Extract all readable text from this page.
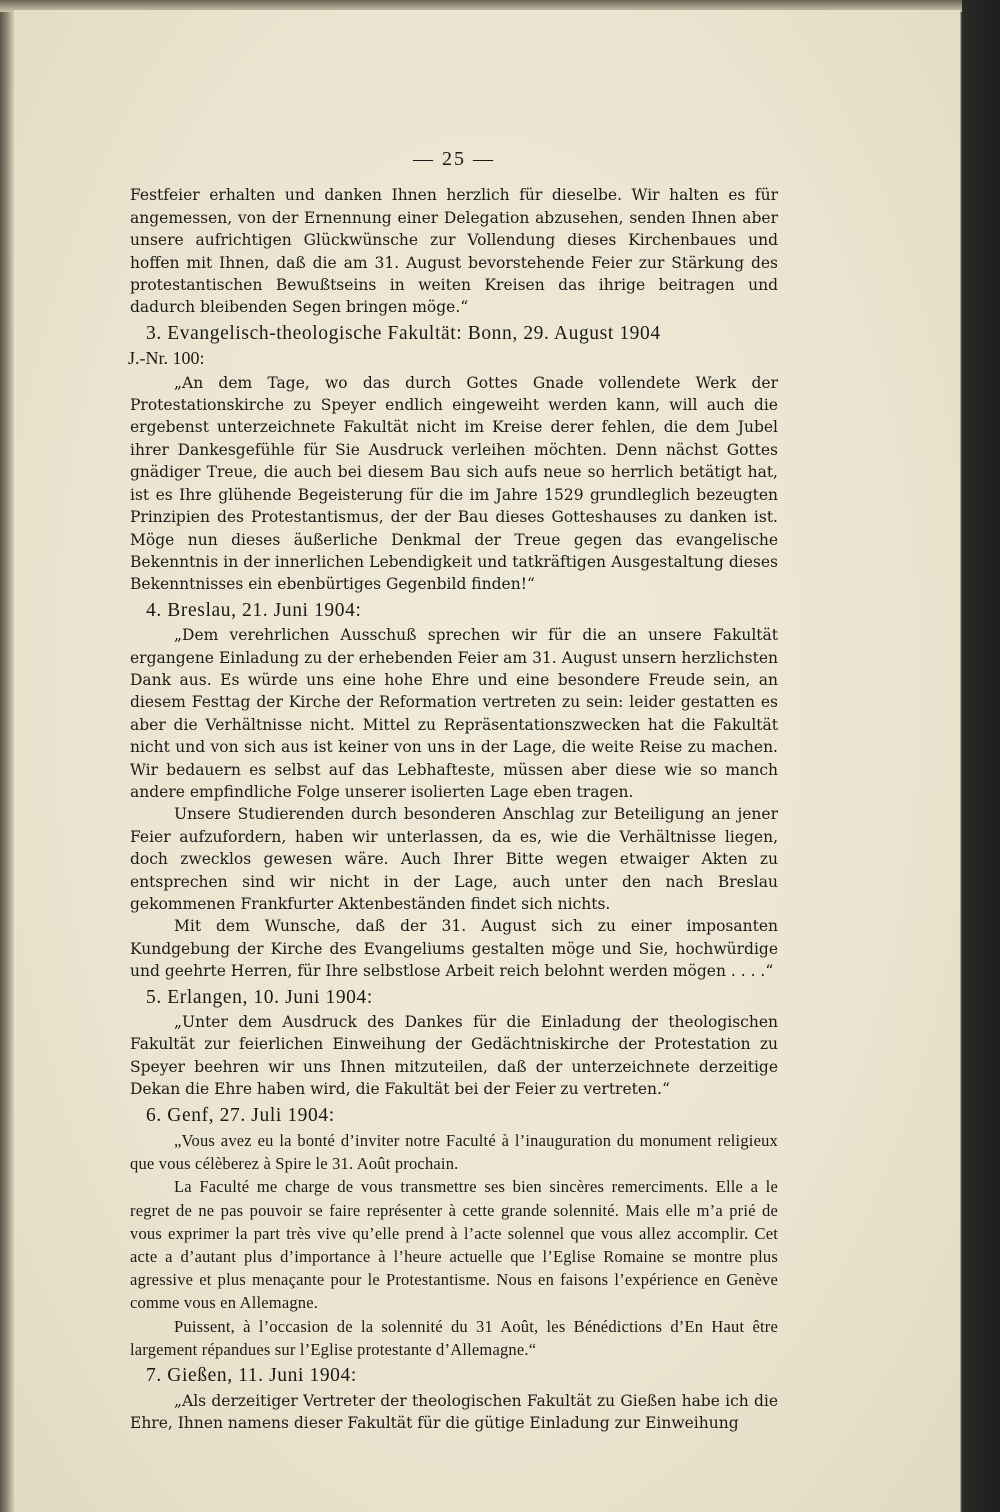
— 25 —

Festfeier erhalten und danken Ihnen herzlich für dieselbe. Wir halten es für angemessen, von der Ernennung einer Delegation abzusehen, senden Ihnen aber unsere aufrichtigen Glückwünsche zur Vollendung dieses Kirchenbaues und hoffen mit Ihnen, daß die am 31. August bevorstehende Feier zur Stärkung des protestantischen Bewußtseins in weiten Kreisen das ihrige beitragen und dadurch bleibenden Segen bringen möge.“

3. Evangelisch-theologische Fakultät: Bonn, 29. August 1904
J.-Nr. 100:

„An dem Tage, wo das durch Gottes Gnade vollendete Werk der Protestationskirche zu Speyer endlich eingeweiht werden kann, will auch die ergebenst unterzeichnete Fakultät nicht im Kreise derer fehlen, die dem Jubel ihrer Dankesgefühle für Sie Ausdruck verleihen möchten. Denn nächst Gottes gnädiger Treue, die auch bei diesem Bau sich aufs neue so herrlich betätigt hat, ist es Ihre glühende Begeisterung für die im Jahre 1529 grundleglich bezeugten Prinzipien des Protestantismus, der der Bau dieses Gotteshauses zu danken ist. Möge nun dieses äußerliche Denkmal der Treue gegen das evangelische Bekenntnis in der innerlichen Lebendigkeit und tatkräftigen Ausgestaltung dieses Bekenntnisses ein ebenbürtiges Gegenbild finden!“

4. Breslau, 21. Juni 1904:

„Dem verehrlichen Ausschuß sprechen wir für die an unsere Fakultät ergangene Einladung zu der erhebenden Feier am 31. August unsern herzlichsten Dank aus. Es würde uns eine hohe Ehre und eine besondere Freude sein, an diesem Festtag der Kirche der Reformation vertreten zu sein: leider gestatten es aber die Verhältnisse nicht. Mittel zu Repräsentationszwecken hat die Fakultät nicht und von sich aus ist keiner von uns in der Lage, die weite Reise zu machen. Wir bedauern es selbst auf das Lebhafteste, müssen aber diese wie so manch andere empfindliche Folge unserer isolierten Lage eben tragen.

Unsere Studierenden durch besonderen Anschlag zur Beteiligung an jener Feier aufzufordern, haben wir unterlassen, da es, wie die Verhältnisse liegen, doch zwecklos gewesen wäre. Auch Ihrer Bitte wegen etwaiger Akten zu entsprechen sind wir nicht in der Lage, auch unter den nach Breslau gekommenen Frankfurter Aktenbeständen findet sich nichts.

Mit dem Wunsche, daß der 31. August sich zu einer imposanten Kundgebung der Kirche des Evangeliums gestalten möge und Sie, hochwürdige und geehrte Herren, für Ihre selbstlose Arbeit reich belohnt werden mögen . . . .“

5. Erlangen, 10. Juni 1904:

„Unter dem Ausdruck des Dankes für die Einladung der theologischen Fakultät zur feierlichen Einweihung der Gedächtniskirche der Protestation zu Speyer beehren wir uns Ihnen mitzuteilen, daß der unterzeichnete derzeitige Dekan die Ehre haben wird, die Fakultät bei der Feier zu vertreten.“

6. Genf, 27. Juli 1904:

„Vous avez eu la bonté d’inviter notre Faculté à l’inauguration du monument religieux que vous célèberez à Spire le 31. Août prochain.

La Faculté me charge de vous transmettre ses bien sincères remerciments. Elle a le regret de ne pas pouvoir se faire représenter à cette grande solennité. Mais elle m’a prié de vous exprimer la part très vive qu’elle prend à l’acte solennel que vous allez accomplir. Cet acte a d’autant plus d’importance à l’heure actuelle que l’Eglise Romaine se montre plus agressive et plus menaçante pour le Protestantisme. Nous en faisons l’expérience en Genève comme vous en Allemagne.

Puissent, à l’occasion de la solennité du 31 Août, les Bénédictions d’En Haut être largement répandues sur l’Eglise protestante d’Allemagne.“

7. Gießen, 11. Juni 1904:

„Als derzeitiger Vertreter der theologischen Fakultät zu Gießen habe ich die Ehre, Ihnen namens dieser Fakultät für die gütige Einladung zur Einweihung
